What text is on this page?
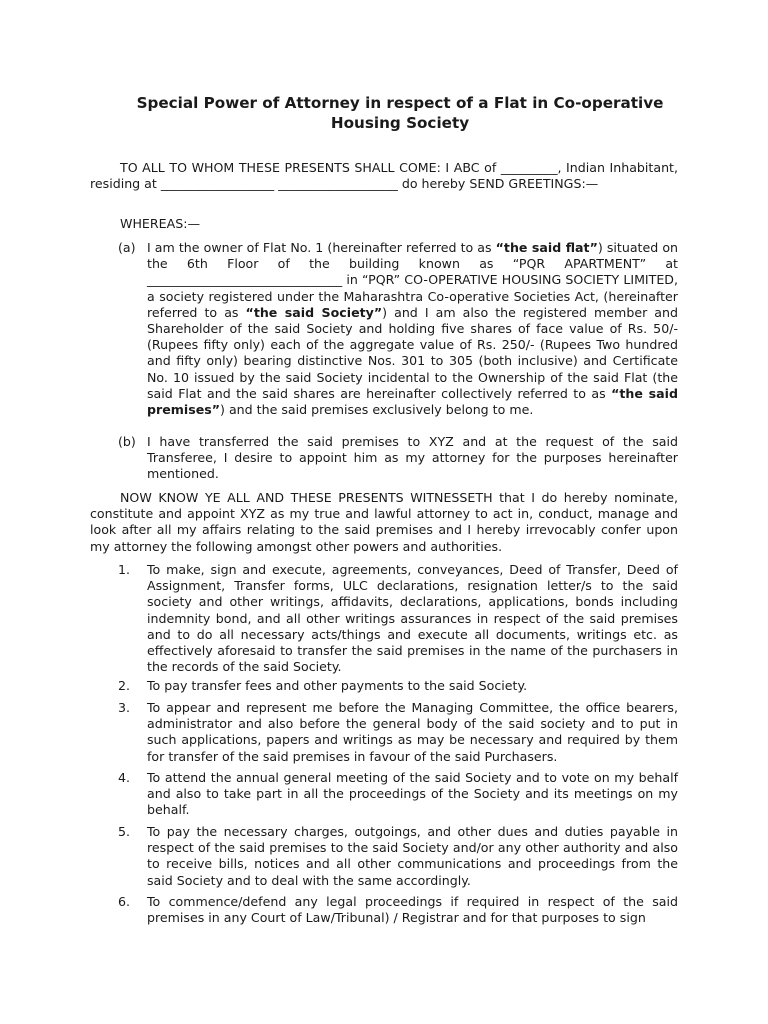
Special Power of Attorney in respect of a Flat in Co-operative Housing Society

TO ALL TO WHOM THESE PRESENTS SHALL COME: I ABC of _________, Indian Inhabitant, residing at __________________ ___________________ do hereby SEND GREETINGS:—

WHEREAS:—

(a) I am the owner of Flat No. 1 (hereinafter referred to as “the said flat”) situated on the 6th Floor of the building known as “PQR APARTMENT” at _______________________________ in “PQR” CO-OPERATIVE HOUSING SOCIETY LIMITED, a society registered under the Maharashtra Co-operative Societies Act, (hereinafter referred to as “the said Society”) and I am also the registered member and Shareholder of the said Society and holding five shares of face value of Rs. 50/- (Rupees fifty only) each of the aggregate value of Rs. 250/- (Rupees Two hundred and fifty only) bearing distinctive Nos. 301 to 305 (both inclusive) and Certificate No. 10 issued by the said Society incidental to the Ownership of the said Flat (the said Flat and the said shares are hereinafter collectively referred to as “the said premises”) and the said premises exclusively belong to me.
(b) I have transferred the said premises to XYZ and at the request of the said Transferee, I desire to appoint him as my attorney for the purposes hereinafter mentioned.

NOW KNOW YE ALL AND THESE PRESENTS WITNESSETH that I do hereby nominate, constitute and appoint XYZ as my true and lawful attorney to act in, conduct, manage and look after all my affairs relating to the said premises and I hereby irrevocably confer upon my attorney the following amongst other powers and authorities.

1. To make, sign and execute, agreements, conveyances, Deed of Transfer, Deed of Assignment, Transfer forms, ULC declarations, resignation letter/s to the said society and other writings, affidavits, declarations, applications, bonds including indemnity bond, and all other writings assurances in respect of the said premises and to do all necessary acts/things and execute all documents, writings etc. as effectively aforesaid to transfer the said premises in the name of the purchasers in the records of the said Society.
2. To pay transfer fees and other payments to the said Society.
3. To appear and represent me before the Managing Committee, the office bearers, administrator and also before the general body of the said society and to put in such applications, papers and writings as may be necessary and required by them for transfer of the said premises in favour of the said Purchasers.
4. To attend the annual general meeting of the said Society and to vote on my behalf and also to take part in all the proceedings of the Society and its meetings on my behalf.
5. To pay the necessary charges, outgoings, and other dues and duties payable in respect of the said premises to the said Society and/or any other authority and also to receive bills, notices and all other communications and proceedings from the said Society and to deal with the same accordingly.
6. To commence/defend any legal proceedings if required in respect of the said premises in any Court of Law/Tribunal) / Registrar and for that purposes to sign
